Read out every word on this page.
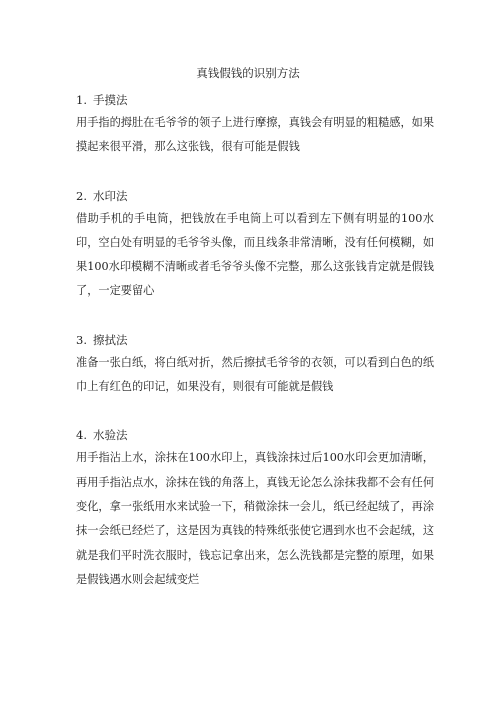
真钱假钱的识别方法
1. 手摸法

用手指的拇肚在毛爷爷的领子上进行摩擦，真钱会有明显的粗糙感，如果摸起来很平滑，那么这张钱，很有可能是假钱

2. 水印法

借助手机的手电筒，把钱放在手电筒上可以看到左下侧有明显的100水印，空白处有明显的毛爷爷头像，而且线条非常清晰，没有任何模糊，如果100水印模糊不清晰或者毛爷爷头像不完整，那么这张钱肯定就是假钱了，一定要留心

3. 擦拭法

准备一张白纸，将白纸对折，然后擦拭毛爷爷的衣领，可以看到白色的纸巾上有红色的印记，如果没有，则很有可能就是假钱

4. 水验法

用手指沾上水，涂抹在100水印上，真钱涂抹过后100水印会更加清晰，再用手指沾点水，涂抹在钱的角落上，真钱无论怎么涂抹我都不会有任何变化，拿一张纸用水来试验一下，稍微涂抹一会儿，纸已经起绒了，再涂抹一会纸已经烂了，这是因为真钱的特殊纸张使它遇到水也不会起绒，这就是我们平时洗衣服时，钱忘记拿出来，怎么洗钱都是完整的原理，如果是假钱遇水则会起绒变烂
